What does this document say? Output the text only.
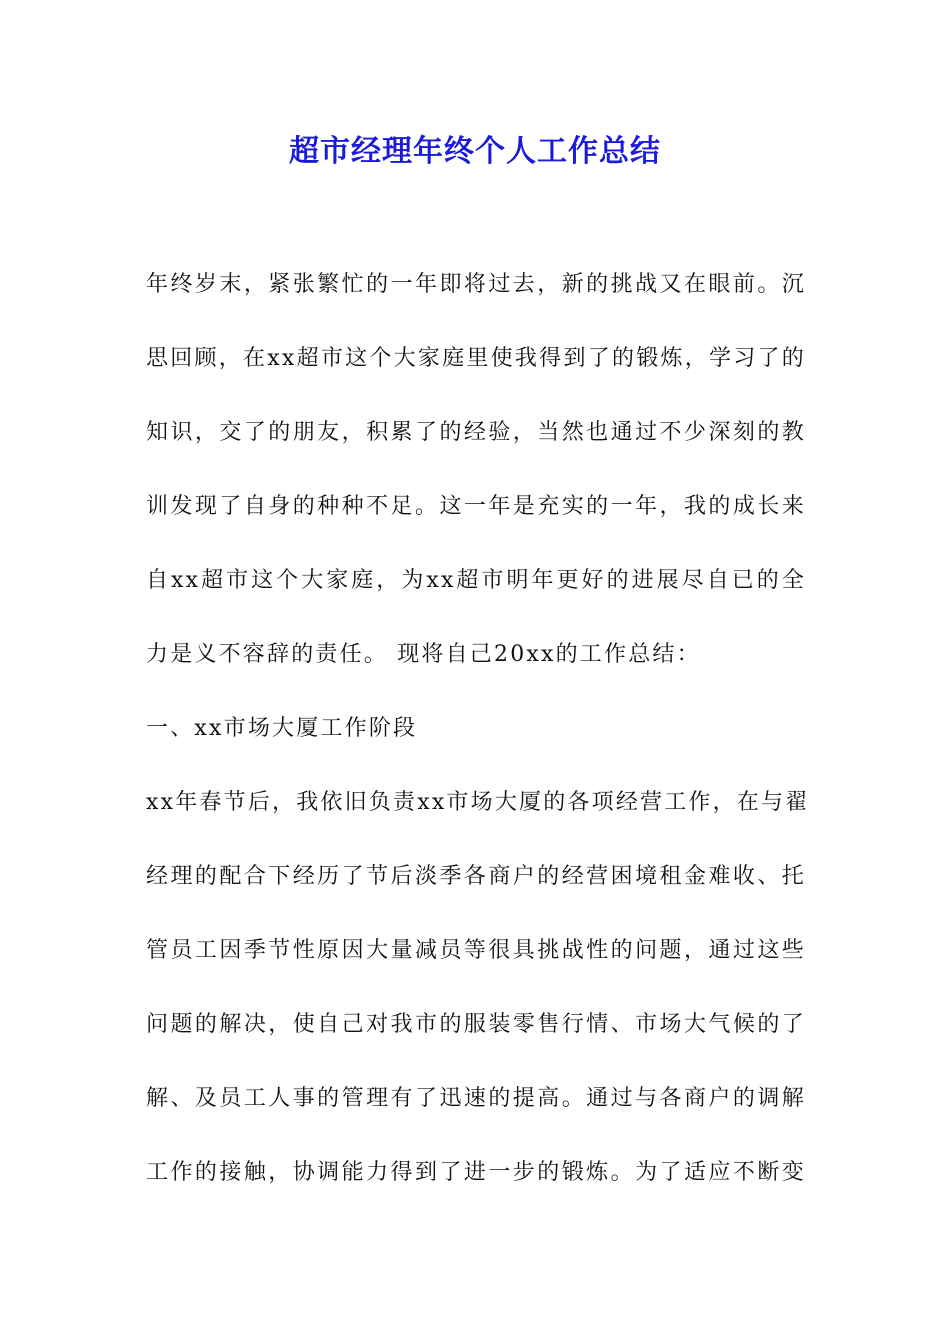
超市经理年终个人工作总结
年终岁末，紧张繁忙的一年即将过去，新的挑战又在眼前。沉
思回顾，在xx超市这个大家庭里使我得到了的锻炼，学习了的
知识，交了的朋友，积累了的经验，当然也通过不少深刻的教
训发现了自身的种种不足。这一年是充实的一年，我的成长来
自xx超市这个大家庭，为xx超市明年更好的进展尽自已的全
力是义不容辞的责任。 现将自己20xx的工作总结：
一、xx市场大厦工作阶段
xx年春节后，我依旧负责xx市场大厦的各项经营工作，在与翟
经理的配合下经历了节后淡季各商户的经营困境租金难收、托
管员工因季节性原因大量减员等很具挑战性的问题，通过这些
问题的解决，使自己对我市的服装零售行情、市场大气候的了
解、及员工人事的管理有了迅速的提高。通过与各商户的调解
工作的接触，协调能力得到了进一步的锻炼。为了适应不断变
